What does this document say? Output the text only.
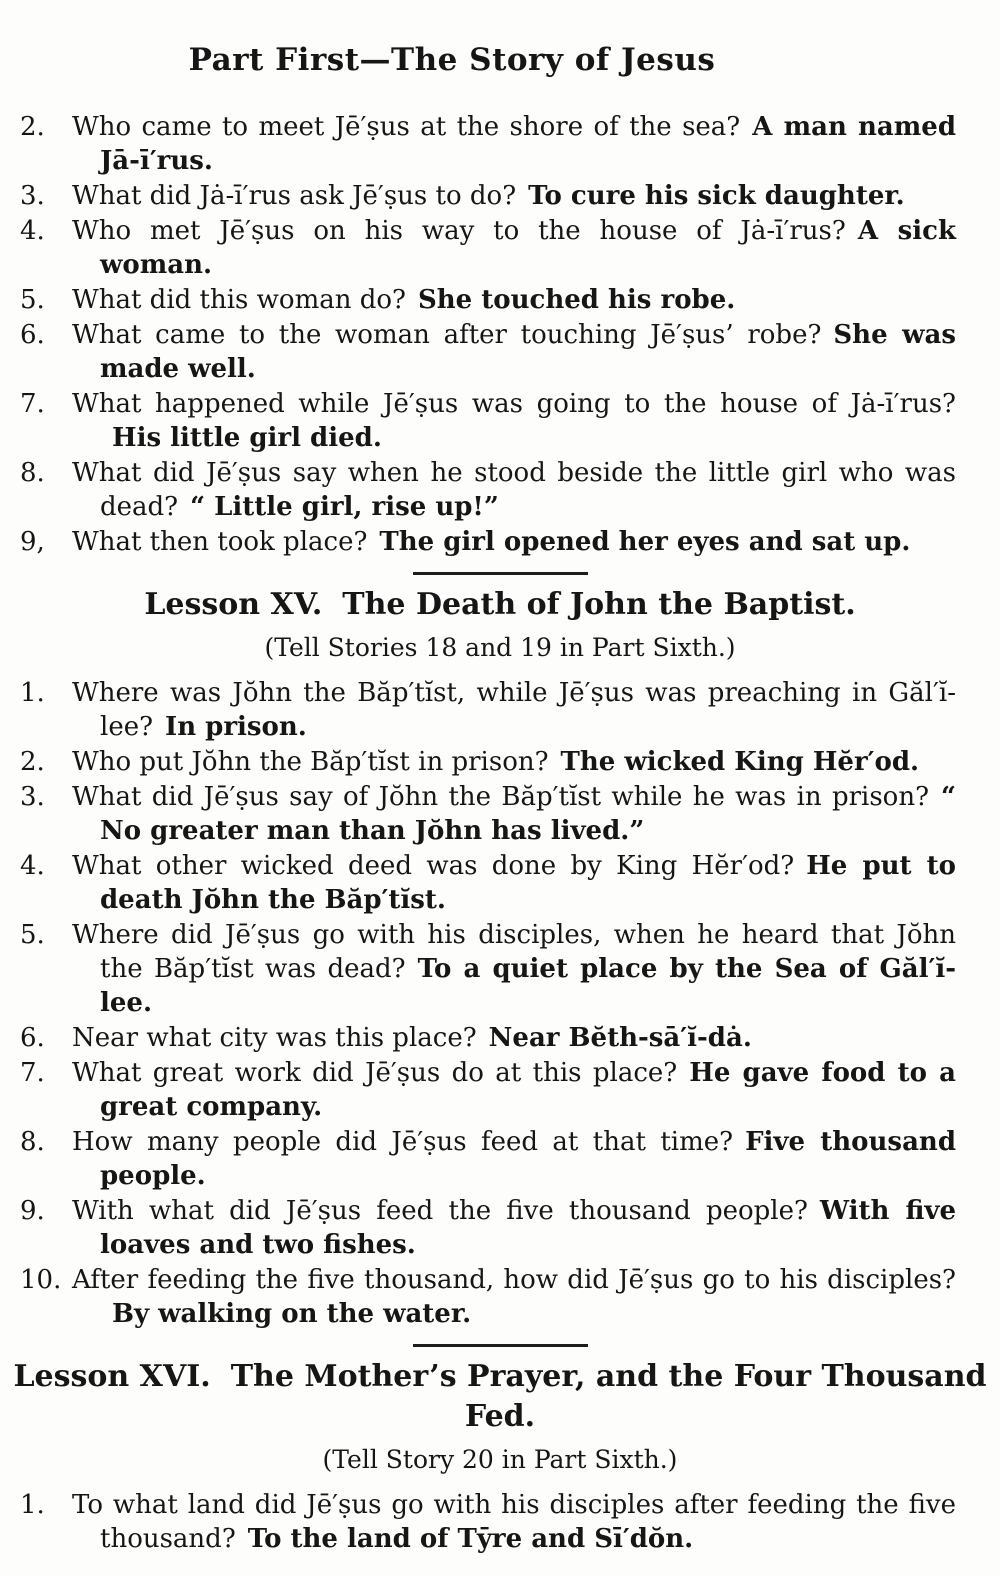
Part First—The Story of Jesus
2.	Who came to meet Jē′ṣus at the shore of the sea? A man named Jā-ī′rus.

3.	What did Jȧ-ī′rus ask Jē′ṣus to do? To cure his sick daughter.

4.	Who met Jē′ṣus on his way to the house of Jȧ-ī′rus? A sick woman.

5.	What did this woman do? She touched his robe.

6.	What came to the woman after touching Jē′ṣus’ robe? She was made well.

7.	What happened while Jē′ṣus was going to the house of Jȧ-ī′rus?His little girl died.

8.	What did Jē′ṣus say when he stood beside the little girl who was dead? “ Little girl, rise up!”

9,	What then took place? The girl opened her eyes and sat up.

Lesson XV. The Death of John the Baptist.

(Tell Stories 18 and 19 in Part Sixth.)

1.	Where was Jŏhn the Băp′tĭst, while Jē′ṣus was preaching in Găl′ĭ-lee? In prison.

2.	Who put Jŏhn the Băp′tĭst in prison? The wicked King Hĕr′od.

3.	What did Jē′ṣus say of Jŏhn the Băp′tĭst while he was in prison? “ No greater man than Jŏhn has lived.”

4.	What other wicked deed was done by King Hĕr′od? He put to death Jŏhn the Băp′tĭst.

5.	Where did Jē′ṣus go with his disciples, when he heard that Jŏhn the Băp′tĭst was dead? To a quiet place by the Sea of Găl′ĭ-lee.

6.	Near what city was this place? Near Bĕth-sā′ĭ-dȧ.

7.	What great work did Jē′ṣus do at this place? He gave food to a great company.

8.	How many people did Jē′ṣus feed at that time? Five thousand people.

9.	With what did Jē′ṣus feed the five thousand people? With five loaves and two fishes.

10. After feeding the five thousand, how did Jē′ṣus go to his disciples?By walking on the water.

Lesson XVI. The Mother’s Prayer, and the Four Thousand Fed.

(Tell Story 20 in Part Sixth.)

1.	To what land did Jē′ṣus go with his disciples after feeding the five thousand? To the land of Tȳre and Sī′dŏn.
